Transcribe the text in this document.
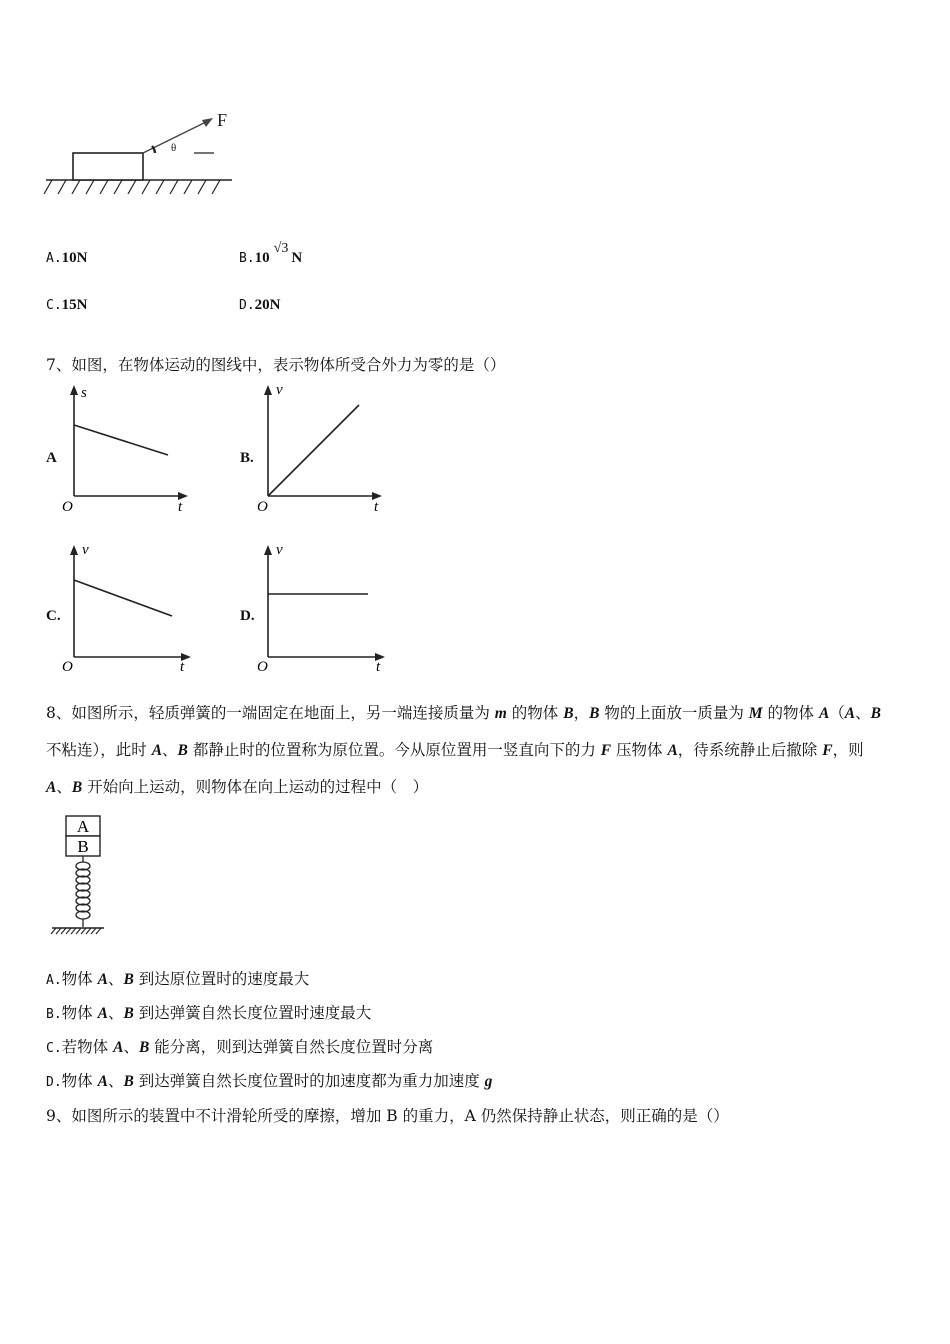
F
θ
A.10N	B.10√3N
C.15N	D.20N
7、如图，在物体运动的图线中，表示物体所受合外力为零的是（）
A	B.
C.	D.
s
t
O
v
t
O
v
t
O
v
t
O
8、如图所示，轻质弹簧的一端固定在地面上，另一端连接质量为 m 的物体 B，B 物的上面放一质量为 M 的物体 A（A、B
不粘连），此时 A、B 都静止时的位置称为原位置。今从原位置用一竖直向下的力 F 压物体 A，待系统静止后撤除 F，则
A、B 开始向上运动，则物体在向上运动的过程中（　）
A
B
A.物体 A、B 到达原位置时的速度最大
B.物体 A、B 到达弹簧自然长度位置时速度最大
C.若物体 A、B 能分离，则到达弹簧自然长度位置时分离
D.物体 A、B 到达弹簧自然长度位置时的加速度都为重力加速度 g
9、如图所示的装置中不计滑轮所受的摩擦，增加 B 的重力，A 仍然保持静止状态，则正确的是（）
